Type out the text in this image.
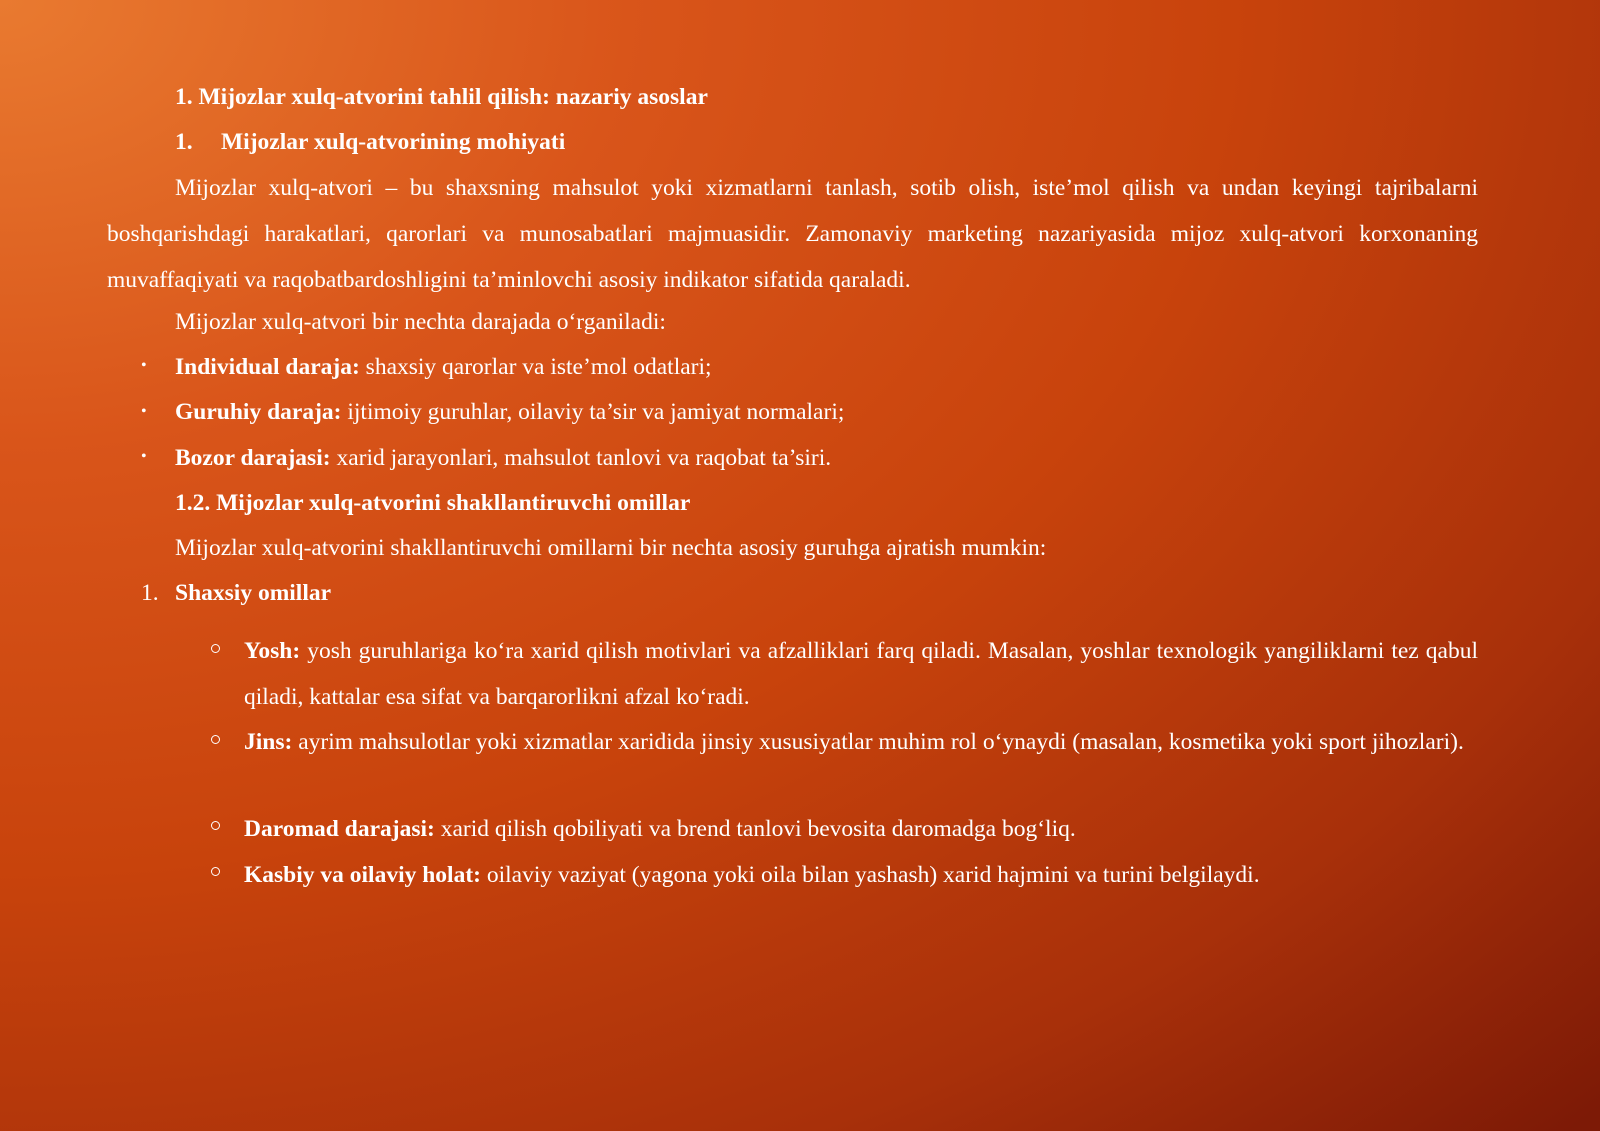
1. Mijozlar xulq-atvorini tahlil qilish: nazariy asoslar
1. Mijozlar xulq-atvorining mohiyati
Mijozlar xulq-atvori – bu shaxsning mahsulot yoki xizmatlarni tanlash, sotib olish, iste’mol qilish va undan keyingi tajribalarni boshqarishdagi harakatlari, qarorlari va munosabatlari majmuasidir. Zamonaviy marketing nazariyasida mijoz xulq-atvori korxonaning muvaffaqiyati va raqobatbardoshligini ta’minlovchi asosiy indikator sifatida qaraladi.
Mijozlar xulq-atvori bir nechta darajada o‘rganiladi:
• Individual daraja: shaxsiy qarorlar va iste’mol odatlari;
• Guruhiy daraja: ijtimoiy guruhlar, oilaviy ta’sir va jamiyat normalari;
• Bozor darajasi: xarid jarayonlari, mahsulot tanlovi va raqobat ta’siri.
1.2. Mijozlar xulq-atvorini shakllantiruvchi omillar
Mijozlar xulq-atvorini shakllantiruvchi omillarni bir nechta asosiy guruhga ajratish mumkin:
1. Shaxsiy omillar
Yosh: yosh guruhlariga ko‘ra xarid qilish motivlari va afzalliklari farq qiladi. Masalan, yoshlar texnologik yangiliklarni tez qabul qiladi, kattalar esa sifat va barqarorlikni afzal ko‘radi.
Jins: ayrim mahsulotlar yoki xizmatlar xarididа jinsiy xususiyatlar muhim rol o‘ynaydi (masalan, kosmetika yoki sport jihozlari).
Daromad darajasi: xarid qilish qobiliyati va brend tanlovi bevosita daromadga bog‘liq.
Kasbiy va oilaviy holat: oilaviy vaziyat (yagona yoki oila bilan yashash) xarid hajmini va turini belgilaydi.
